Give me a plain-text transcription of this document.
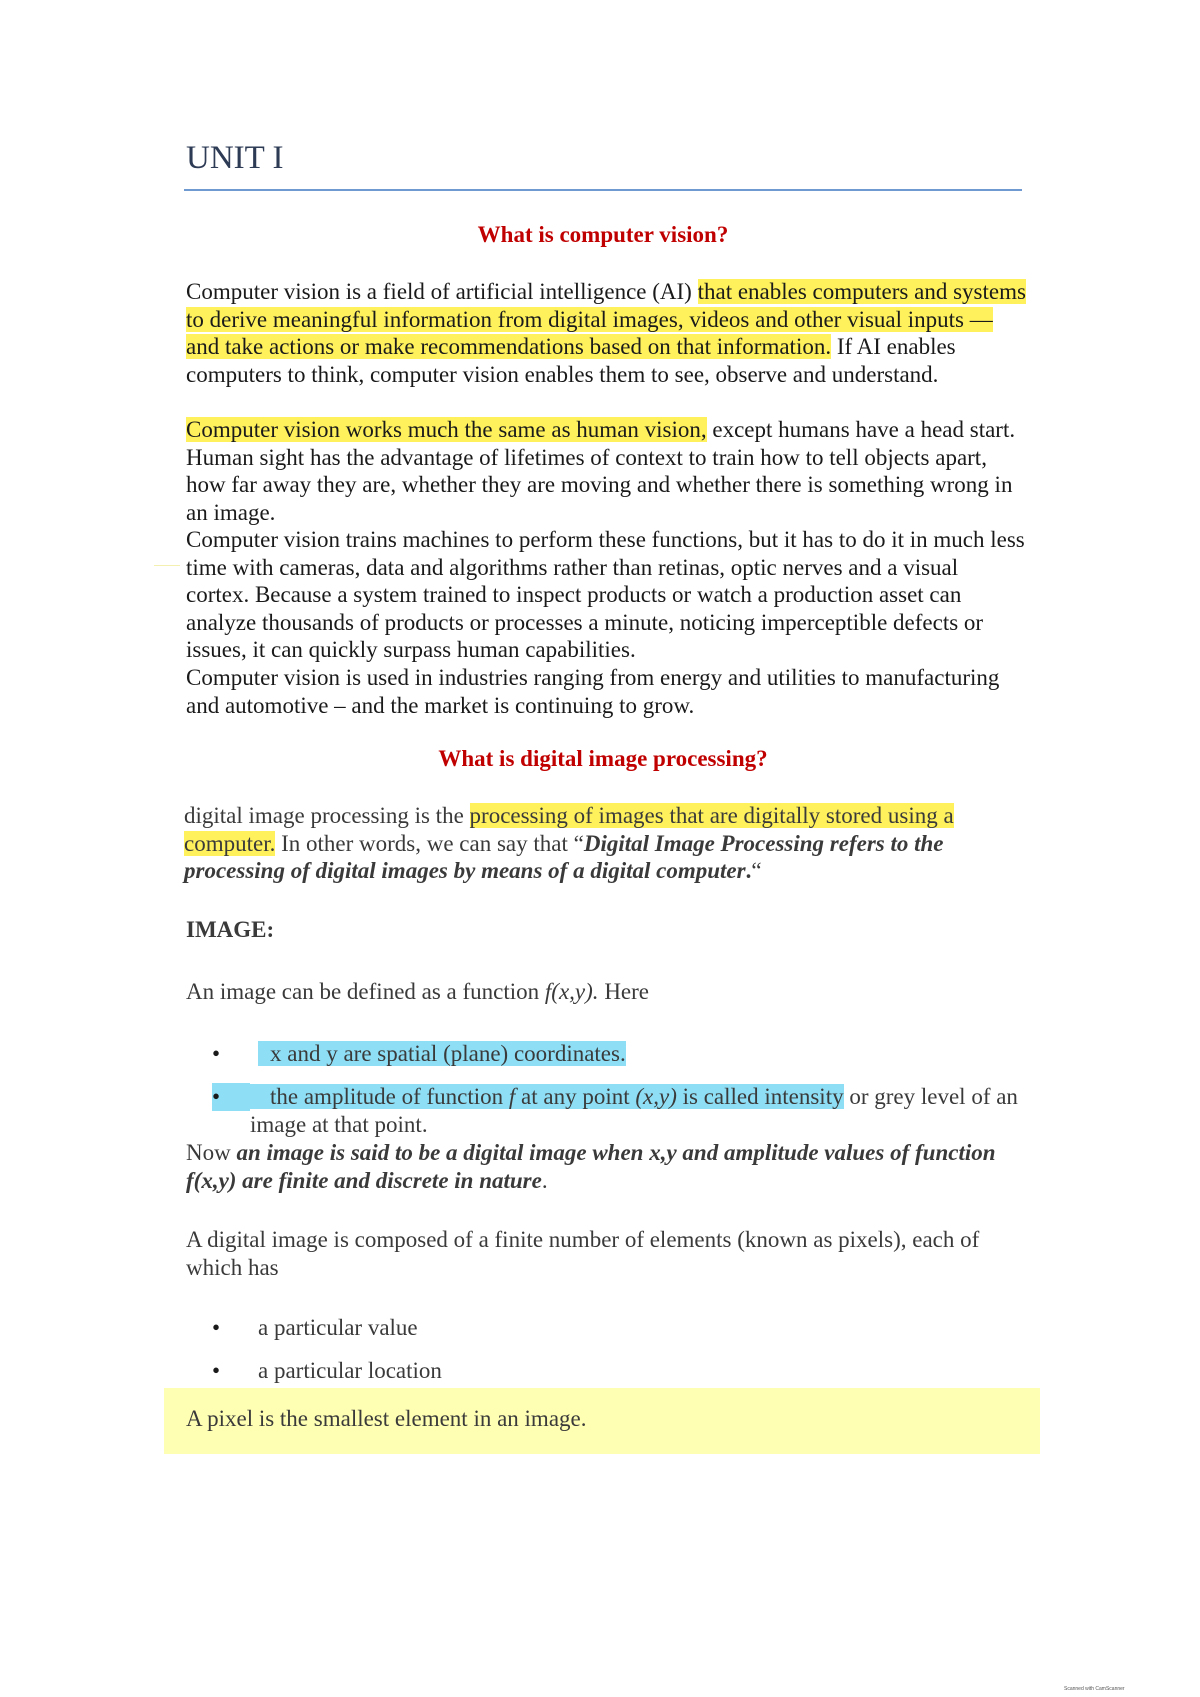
UNIT I
What is computer vision?

Computer vision is a field of artificial intelligence (AI) that enables computers and systems to derive meaningful information from digital images, videos and other visual inputs — and take actions or make recommendations based on that information. If AI enables computers to think, computer vision enables them to see, observe and understand.

Computer vision works much the same as human vision, except humans have a head start. Human sight has the advantage of lifetimes of context to train how to tell objects apart, how far away they are, whether they are moving and whether there is something wrong in an image.

Computer vision trains machines to perform these functions, but it has to do it in much less time with cameras, data and algorithms rather than retinas, optic nerves and a visual cortex. Because a system trained to inspect products or watch a production asset can analyze thousands of products or processes a minute, noticing imperceptible defects or issues, it can quickly surpass human capabilities.

Computer vision is used in industries ranging from energy and utilities to manufacturing and automotive – and the market is continuing to grow.

What is digital image processing?

digital image processing is the processing of images that are digitally stored using a computer. In other words, we can say that “Digital Image Processing refers to the processing of digital images by means of a digital computer.“

IMAGE:

An image can be defined as a function f(x,y). Here

•	x and y are spatial (plane) coordinates.
•	the amplitude of function f at any point (x,y) is called intensity or grey level of an image at that point.

Now an image is said to be a digital image when x,y and amplitude values of function f(x,y) are finite and discrete in nature.

A digital image is composed of a finite number of elements (known as pixels), each of which has

•	a particular value
•	a particular location
A pixel is the smallest element in an image.
Scanned with CamScanner
